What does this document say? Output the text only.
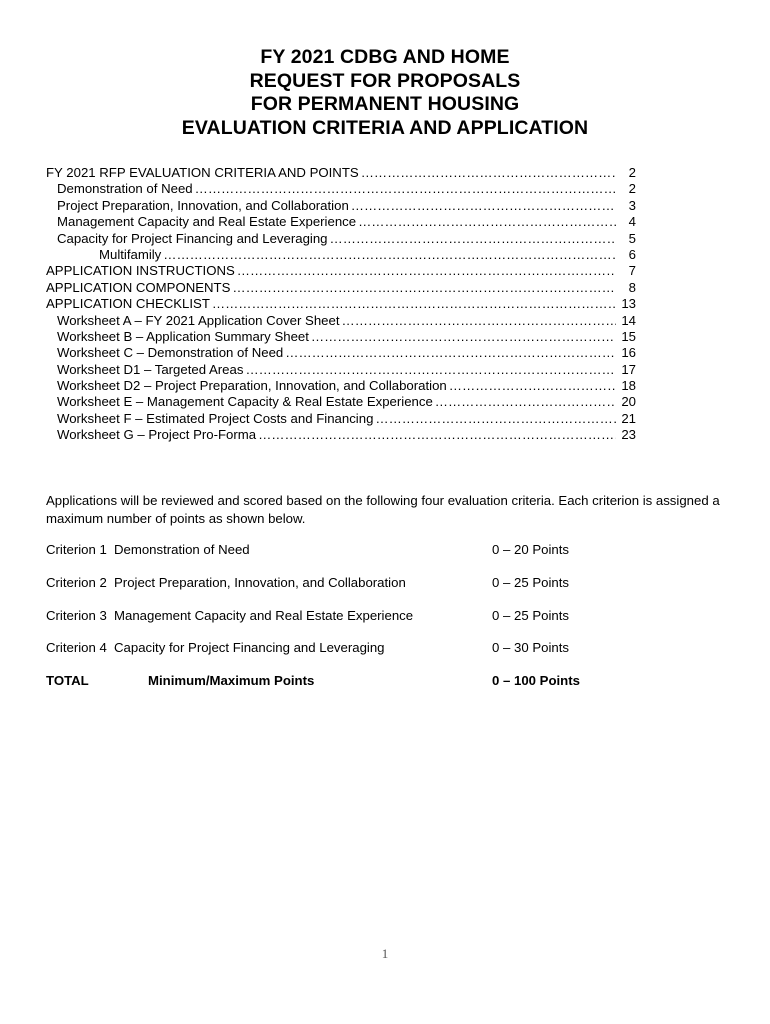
FY 2021 CDBG AND HOME
REQUEST FOR PROPOSALS
FOR PERMANENT HOUSING
EVALUATION CRITERIA AND APPLICATION
FY 2021 RFP EVALUATION CRITERIA AND POINTS ………………………………………………………………………………………………………………………………………………………………………………………………………………………………………………………………	2
Demonstration of Need ………………………………………………………………………………………………………………………………………………………………………………………………………………………………………………………………	2
Project Preparation, Innovation, and Collaboration ………………………………………………………………………………………………………………………………………………………………………………………………………………………………………………………………	3
Management Capacity and Real Estate Experience ………………………………………………………………………………………………………………………………………………………………………………………………………………………………………………………………	4
Capacity for Project Financing and Leveraging ………………………………………………………………………………………………………………………………………………………………………………………………………………………………………………………………	5
Multifamily ………………………………………………………………………………………………………………………………………………………………………………………………………………………………………………………………	6
APPLICATION INSTRUCTIONS ………………………………………………………………………………………………………………………………………………………………………………………………………………………………………………………………	7
APPLICATION COMPONENTS ………………………………………………………………………………………………………………………………………………………………………………………………………………………………………………………………	8
APPLICATION CHECKLIST ………………………………………………………………………………………………………………………………………………………………………………………………………………………………………………………………	13
Worksheet A – FY 2021 Application Cover Sheet ………………………………………………………………………………………………………………………………………………………………………………………………………………………………………………………………	14
Worksheet B – Application Summary Sheet ………………………………………………………………………………………………………………………………………………………………………………………………………………………………………………………………	15
Worksheet C – Demonstration of Need ………………………………………………………………………………………………………………………………………………………………………………………………………………………………………………………………	16
Worksheet D1 – Targeted Areas ………………………………………………………………………………………………………………………………………………………………………………………………………………………………………………………………	17
Worksheet D2 – Project Preparation, Innovation, and Collaboration ………………………………………………………………………………………………………………………………………………………………………………………………………………………………………………………………	18
Worksheet E – Management Capacity & Real Estate Experience ………………………………………………………………………………………………………………………………………………………………………………………………………………………………………………………………	20
Worksheet F – Estimated Project Costs and Financing ………………………………………………………………………………………………………………………………………………………………………………………………………………………………………………………………	21
Worksheet G – Project Pro-Forma ………………………………………………………………………………………………………………………………………………………………………………………………………………………………………………………………	23
Applications will be reviewed and scored based on the following four evaluation criteria. Each criterion is assigned a maximum number of points as shown below.
Criterion 1 Demonstration of Need	0 – 20 Points
Criterion 2 Project Preparation, Innovation, and Collaboration	0 – 25 Points
Criterion 3 Management Capacity and Real Estate Experience	0 – 25 Points
Criterion 4 Capacity for Project Financing and Leveraging	0 – 30 Points
TOTAL	Minimum/Maximum Points	0 – 100 Points
1
